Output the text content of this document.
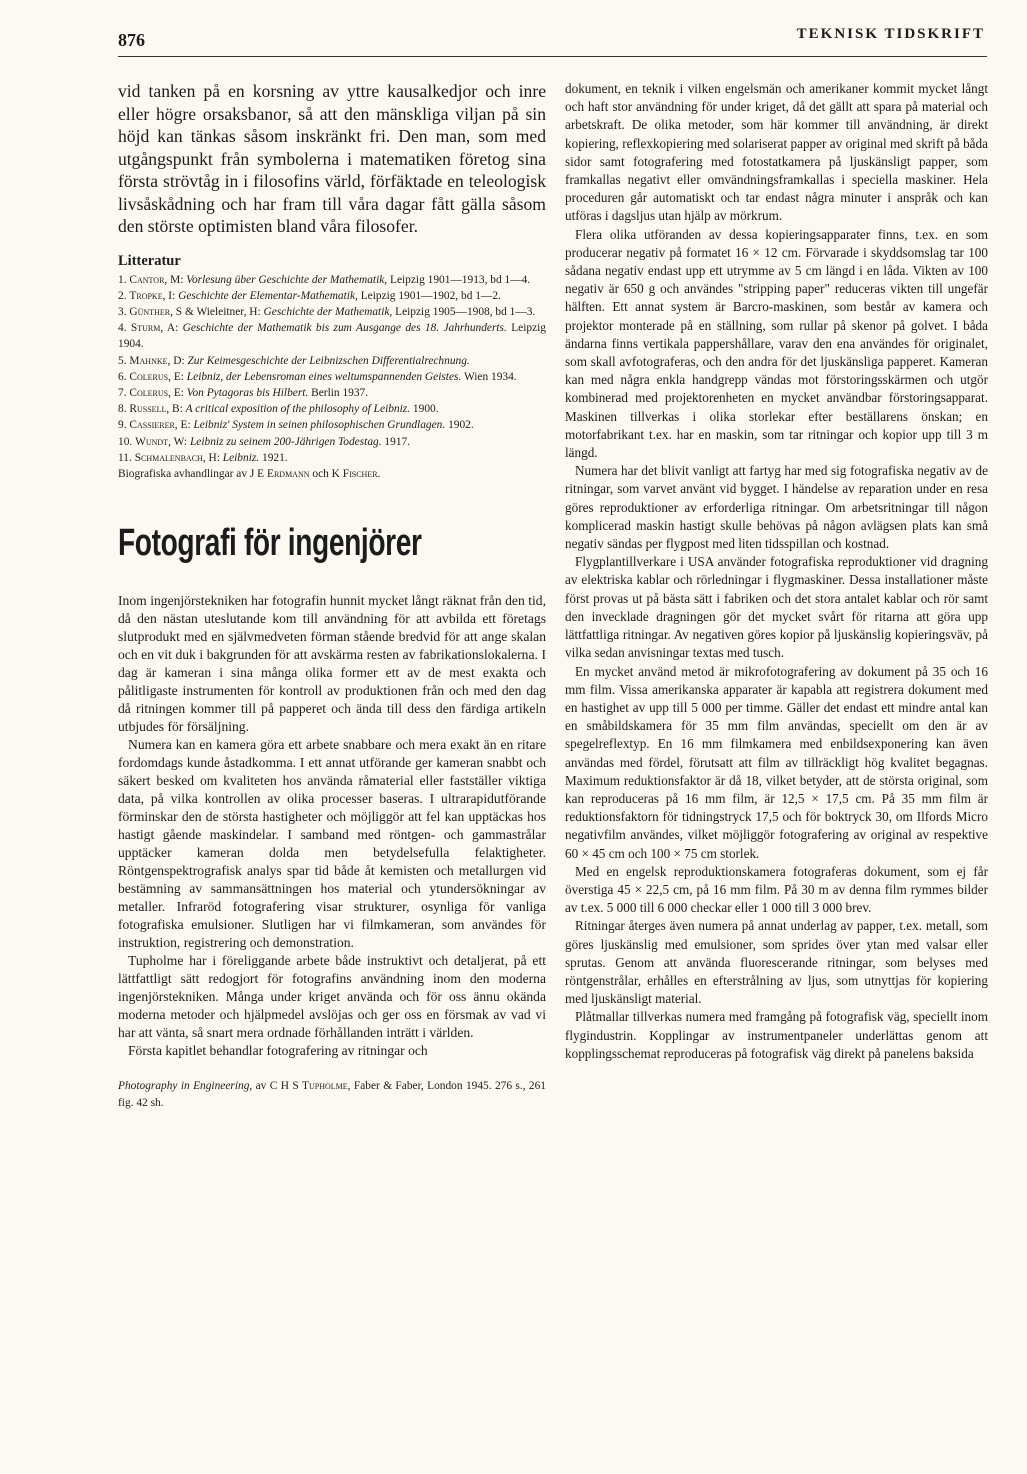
876	TEKNISK TIDSKRIFT

vid tanken på en korsning av yttre kausalkedjor och inre eller högre orsaksbanor, så att den mänskliga viljan på sin höjd kan tänkas såsom inskränkt fri. Den man, som med utgångspunkt från symbolerna i matematiken företog sina första strövtåg in i filosofins värld, förfäktade en teleologisk livsåskådning och har fram till våra dagar fått gälla såsom den störste optimisten bland våra filosofer.

Litteratur

1. Cantor, M: Vorlesung über Geschichte der Mathematik, Leipzig 1901—1913, bd 1—4.

2. Tropke, I: Geschichte der Elementar-Mathematik, Leipzig 1901—1902, bd 1—2.

3. Günther, S & Wieleitner, H: Geschichte der Mathematik, Leipzig 1905—1908, bd 1—3.

4. Sturm, A: Geschichte der Mathematik bis zum Ausgange des 18. Jahrhunderts. Leipzig 1904.

5. Mahnke, D: Zur Keimesgeschichte der Leibnizschen Differentialrechnung.

6. Colerus, E: Leibniz, der Lebensroman eines weltumspannenden Geistes. Wien 1934.

7. Colerus, E: Von Pytagoras bis Hilbert. Berlin 1937.

8. Russell, B: A critical exposition of the philosophy of Leibniz. 1900.

9. Cassierer, E: Leibniz' System in seinen philosophischen Grundlagen. 1902.

10. Wundt, W: Leibniz zu seinem 200-Jährigen Todestag. 1917.

11. Schmalenbach, H: Leibniz. 1921.

Biografiska avhandlingar av J E Erdmann och K Fischer.

Fotografi för ingenjörer

Inom ingenjörstekniken har fotografin hunnit mycket långt räknat från den tid, då den nästan uteslutande kom till användning för att avbilda ett företags slutprodukt med en självmedveten förman stående bredvid för att ange skalan och en vit duk i bakgrunden för att avskärma resten av fabrikationslokalerna. I dag är kameran i sina många olika former ett av de mest exakta och pålitligaste instrumenten för kontroll av produktionen från och med den dag då ritningen kommer till på papperet och ända till dess den färdiga artikeln utbjudes för försäljning.

Numera kan en kamera göra ett arbete snabbare och mera exakt än en ritare fordomdags kunde åstadkomma. I ett annat utförande ger kameran snabbt och säkert besked om kvaliteten hos använda råmaterial eller fastställer viktiga data, på vilka kontrollen av olika processer baseras. I ultrarapidutförande förminskar den de största hastigheter och möjliggör att fel kan upptäckas hos hastigt gående maskindelar. I samband med röntgen- och gammastrålar upptäcker kameran dolda men betydelsefulla felaktigheter. Röntgenspektrografisk analys spar tid både åt kemisten och metallurgen vid bestämning av sammansättningen hos material och ytundersökningar av metaller. Infraröd fotografering visar strukturer, osynliga för vanliga fotografiska emulsioner. Slutligen har vi filmkameran, som användes för instruktion, registrering och demonstration.

Tupholme har i föreliggande arbete både instruktivt och detaljerat, på ett lättfattligt sätt redogjort för fotografins användning inom den moderna ingenjörstekniken. Många under kriget använda och för oss ännu okända moderna metoder och hjälpmedel avslöjas och ger oss en försmak av vad vi har att vänta, så snart mera ordnade förhållanden inträtt i världen.

Första kapitlet behandlar fotografering av ritningar och

Photography in Engineering, av C H S Tupholme, Faber & Faber, London 1945. 276 s., 261 fig. 42 sh.

dokument, en teknik i vilken engelsmän och amerikaner kommit mycket långt och haft stor användning för under kriget, då det gällt att spara på material och arbetskraft. De olika metoder, som här kommer till användning, är direkt kopiering, reflexkopiering med solariserat papper av original med skrift på båda sidor samt fotografering med fotostatkamera på ljuskänsligt papper, som framkallas negativt eller omvändningsframkallas i speciella maskiner. Hela proceduren går automatiskt och tar endast några minuter i anspråk och kan utföras i dagsljus utan hjälp av mörkrum.

Flera olika utföranden av dessa kopieringsapparater finns, t.ex. en som producerar negativ på formatet 16 × 12 cm. Förvarade i skyddsomslag tar 100 sådana negativ endast upp ett utrymme av 5 cm längd i en låda. Vikten av 100 negativ är 650 g och användes "stripping paper" reduceras vikten till ungefär hälften. Ett annat system är Barcro-maskinen, som består av kamera och projektor monterade på en ställning, som rullar på skenor på golvet. I båda ändarna finns vertikala pappershållare, varav den ena användes för originalet, som skall avfotograferas, och den andra för det ljuskänsliga papperet. Kameran kan med några enkla handgrepp vändas mot förstoringsskärmen och utgör kombinerad med projektorenheten en mycket användbar förstoringsapparat. Maskinen tillverkas i olika storlekar efter beställarens önskan; en motorfabrikant t.ex. har en maskin, som tar ritningar och kopior upp till 3 m längd.

Numera har det blivit vanligt att fartyg har med sig fotografiska negativ av de ritningar, som varvet använt vid bygget. I händelse av reparation under en resa göres reproduktioner av erforderliga ritningar. Om arbetsritningar till någon komplicerad maskin hastigt skulle behövas på någon avlägsen plats kan små negativ sändas per flygpost med liten tidsspillan och kostnad.

Flygplantillverkare i USA använder fotografiska reproduktioner vid dragning av elektriska kablar och rörledningar i flygmaskiner. Dessa installationer måste först provas ut på bästa sätt i fabriken och det stora antalet kablar och rör samt den invecklade dragningen gör det mycket svårt för ritarna att göra upp lättfattliga ritningar. Av negativen göres kopior på ljuskänslig kopieringsväv, på vilka sedan anvisningar textas med tusch.

En mycket använd metod är mikrofotografering av dokument på 35 och 16 mm film. Vissa amerikanska apparater är kapabla att registrera dokument med en hastighet av upp till 5 000 per timme. Gäller det endast ett mindre antal kan en småbildskamera för 35 mm film användas, speciellt om den är av spegelreflextyp. En 16 mm filmkamera med enbildsexponering kan även användas med fördel, förutsatt att film av tillräckligt hög kvalitet begagnas. Maximum reduktionsfaktor är då 18, vilket betyder, att de största original, som kan reproduceras på 16 mm film, är 12,5 × 17,5 cm. På 35 mm film är reduktionsfaktorn för tidningstryck 17,5 och för boktryck 30, om Ilfords Micro negativfilm användes, vilket möjliggör fotografering av original av respektive 60 × 45 cm och 100 × 75 cm storlek.

Med en engelsk reproduktionskamera fotograferas dokument, som ej får överstiga 45 × 22,5 cm, på 16 mm film. På 30 m av denna film rymmes bilder av t.ex. 5 000 till 6 000 checkar eller 1 000 till 3 000 brev.

Ritningar återges även numera på annat underlag av papper, t.ex. metall, som göres ljuskänslig med emulsioner, som sprides över ytan med valsar eller sprutas. Genom att använda fluorescerande ritningar, som belyses med röntgenstrålar, erhålles en efterstrålning av ljus, som utnyttjas för kopiering med ljuskänsligt material.

Plåtmallar tillverkas numera med framgång på fotografisk väg, speciellt inom flygindustrin. Kopplingar av instrumentpaneler underlättas genom att kopplingsschemat reproduceras på fotografisk väg direkt på panelens baksida
